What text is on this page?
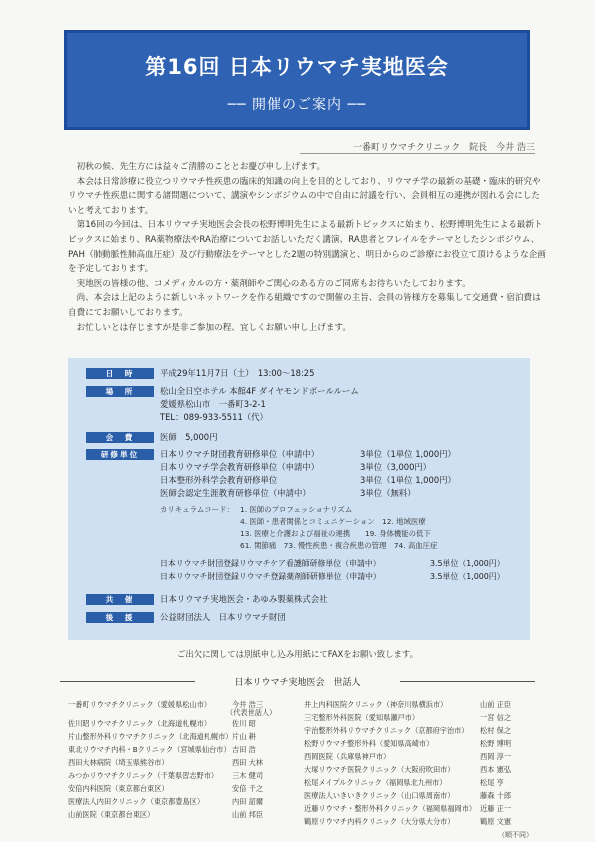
第16回 日本リウマチ実地医会
── 開催のご案内 ──
一番町リウマチクリニック　院長　今井 浩三

初秋の候、先生方には益々ご清勝のこととお慶び申し上げます。

本会は日常診療に役立つリウマチ性疾患の臨床的知識の向上を目的としており、リウマチ学の最新の基礎・臨床的研究やリウマチ性疾患に関する諸問題について、講演やシンポジウムの中で自由に討議を行い、会員相互の連携が図れる会にしたいと考えております。

第16回の今回は、日本リウマチ実地医会会長の松野博明先生による最新トピックスに始まり、松野博明先生による最新トピックスに始まり、RA薬物療法やRA治療についてお話しいただく講演、RA患者とフレイルをテーマとしたシンポジウム、PAH（肺動脈性肺高血圧症）及び行動療法をテーマとした2題の特別講演と、明日からのご診療にお役立て頂けるような企画を予定しております。

実地医の皆様の他、コメディカルの方・薬剤師やご関心のある方のご同席もお待ちいたしております。

尚、本会は上記のように新しいネットワークを作る組織ですので開催の主旨、会員の皆様方を募集して交通費・宿泊費は自費にてお願いしております。

お忙しいとは存じますが是非ご参加の程、宜しくお願い申し上げます。

日　時	平成29年11月7日（土）　13:00～18:25
場　所	松山全日空ホテル 本館4F ダイヤモンドボールルーム
愛媛県松山市　一番町3-2-1
TEL：089-933-5511（代）
会　費	医師　5,000円
研修単位	日本リウマチ財団教育研修単位（申請中）	3単位（1単位 1,000円）
日本リウマチ学会教育研修単位（申請中）	3単位（3,000円）
日本整形外科学会教育研修単位	3単位（1単位 1,000円）
医師会認定生涯教育研修単位（申請中）	3単位（無料）
カリキュラムコード： 1. 医師のプロフェッショナリズム
4. 医師・患者関係とコミュニケーション　12. 地域医療
13. 医療と介護および福祉の連携　　19. 身体機能の低下
61. 関節痛　73. 慢性疾患・複合疾患の管理　74. 高血圧症
日本リウマチ財団登録リウマチケア看護師研修単位（申請中）	3.5単位（1,000円）
日本リウマチ財団登録リウマチ登録薬剤師研修単位（申請中）	3.5単位（1,000円）
共　催	日本リウマチ実地医会・あゆみ製薬株式会社
後　援	公益財団法人　日本リウマチ財団
ご出欠に関しては別紙申し込み用紙にてFAXをお願い致します。
日本リウマチ実地医会　世話人
一番町リウマチクリニック（愛媛県松山市）	今井 浩三
（代表世話人）
佐川昭リウマチクリニック（北海道札幌市）	佐川 昭
片山整形外科リウマチクリニック（北海道札幌市） 片山 耕
東北リウマチ内科・Bクリニック（宮城県仙台市） 吉田 浩
西田大林病院（埼玉県熊谷市）	西田 大林
みつかリウマチクリニック（千葉県習志野市） 三木 健司
安倍内科医院（東京都台東区）	安倍 千之
医療法人内田クリニック（東京都豊島区）	内田 詔爾
山前医院（東京都台東区）	山前 邦臣
井上内科医院クリニック（神奈川県横浜市）	山前 正臣
三宅整形外科医院（愛知県瀬戸市）	一宮 信之
宇治整形外科リウマチクリニック（京都府宇治市） 松村 保之
松野リウマチ整形外科（愛知県高崎市）	松野 博明
西岡医院（兵庫県神戸市）	西岡 淳一
大塚リウマチ医院クリニック（大阪府吹田市）	西本 憲弘
松尾メイプルクリニック（福岡県北九州市）	松尾 亨
医療法人いきいきクリニック（山口県周南市）	藤森 十郎
近藤リウマチ・整形外科クリニック（福岡県福岡市） 近藤 正一
鶴原リウマチ内科クリニック（大分県大分市）	鶴原 文憲
（順不同）
